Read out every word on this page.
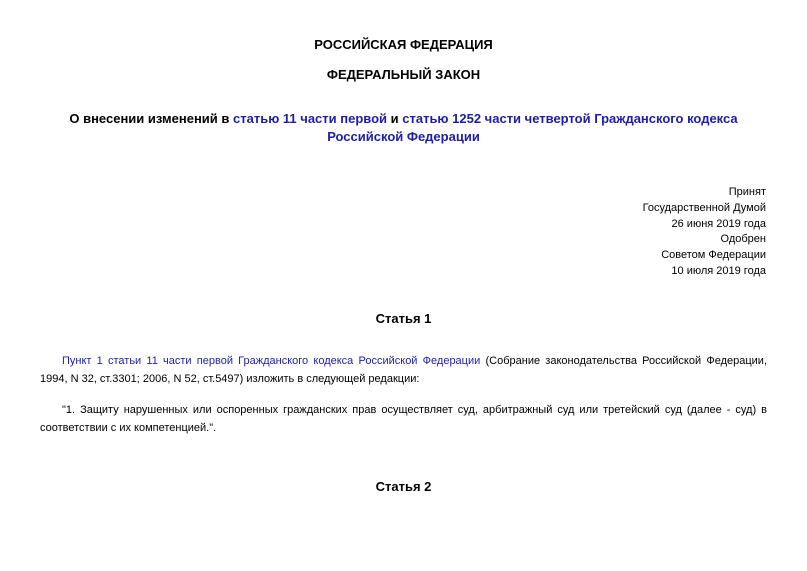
РОССИЙСКАЯ ФЕДЕРАЦИЯ
ФЕДЕРАЛЬНЫЙ ЗАКОН
О внесении изменений в статью 11 части первой и статью 1252 части четвертой Гражданского кодекса Российской Федерации
Принят
Государственной Думой
26 июня 2019 года
Одобрен
Советом Федерации
10 июля 2019 года
Статья 1
Пункт 1 статьи 11 части первой Гражданского кодекса Российской Федерации (Собрание законодательства Российской Федерации, 1994, N 32, ст.3301; 2006, N 52, ст.5497) изложить в следующей редакции:
"1. Защиту нарушенных или оспоренных гражданских прав осуществляет суд, арбитражный суд или третейский суд (далее - суд) в соответствии с их компетенцией.".
Статья 2
